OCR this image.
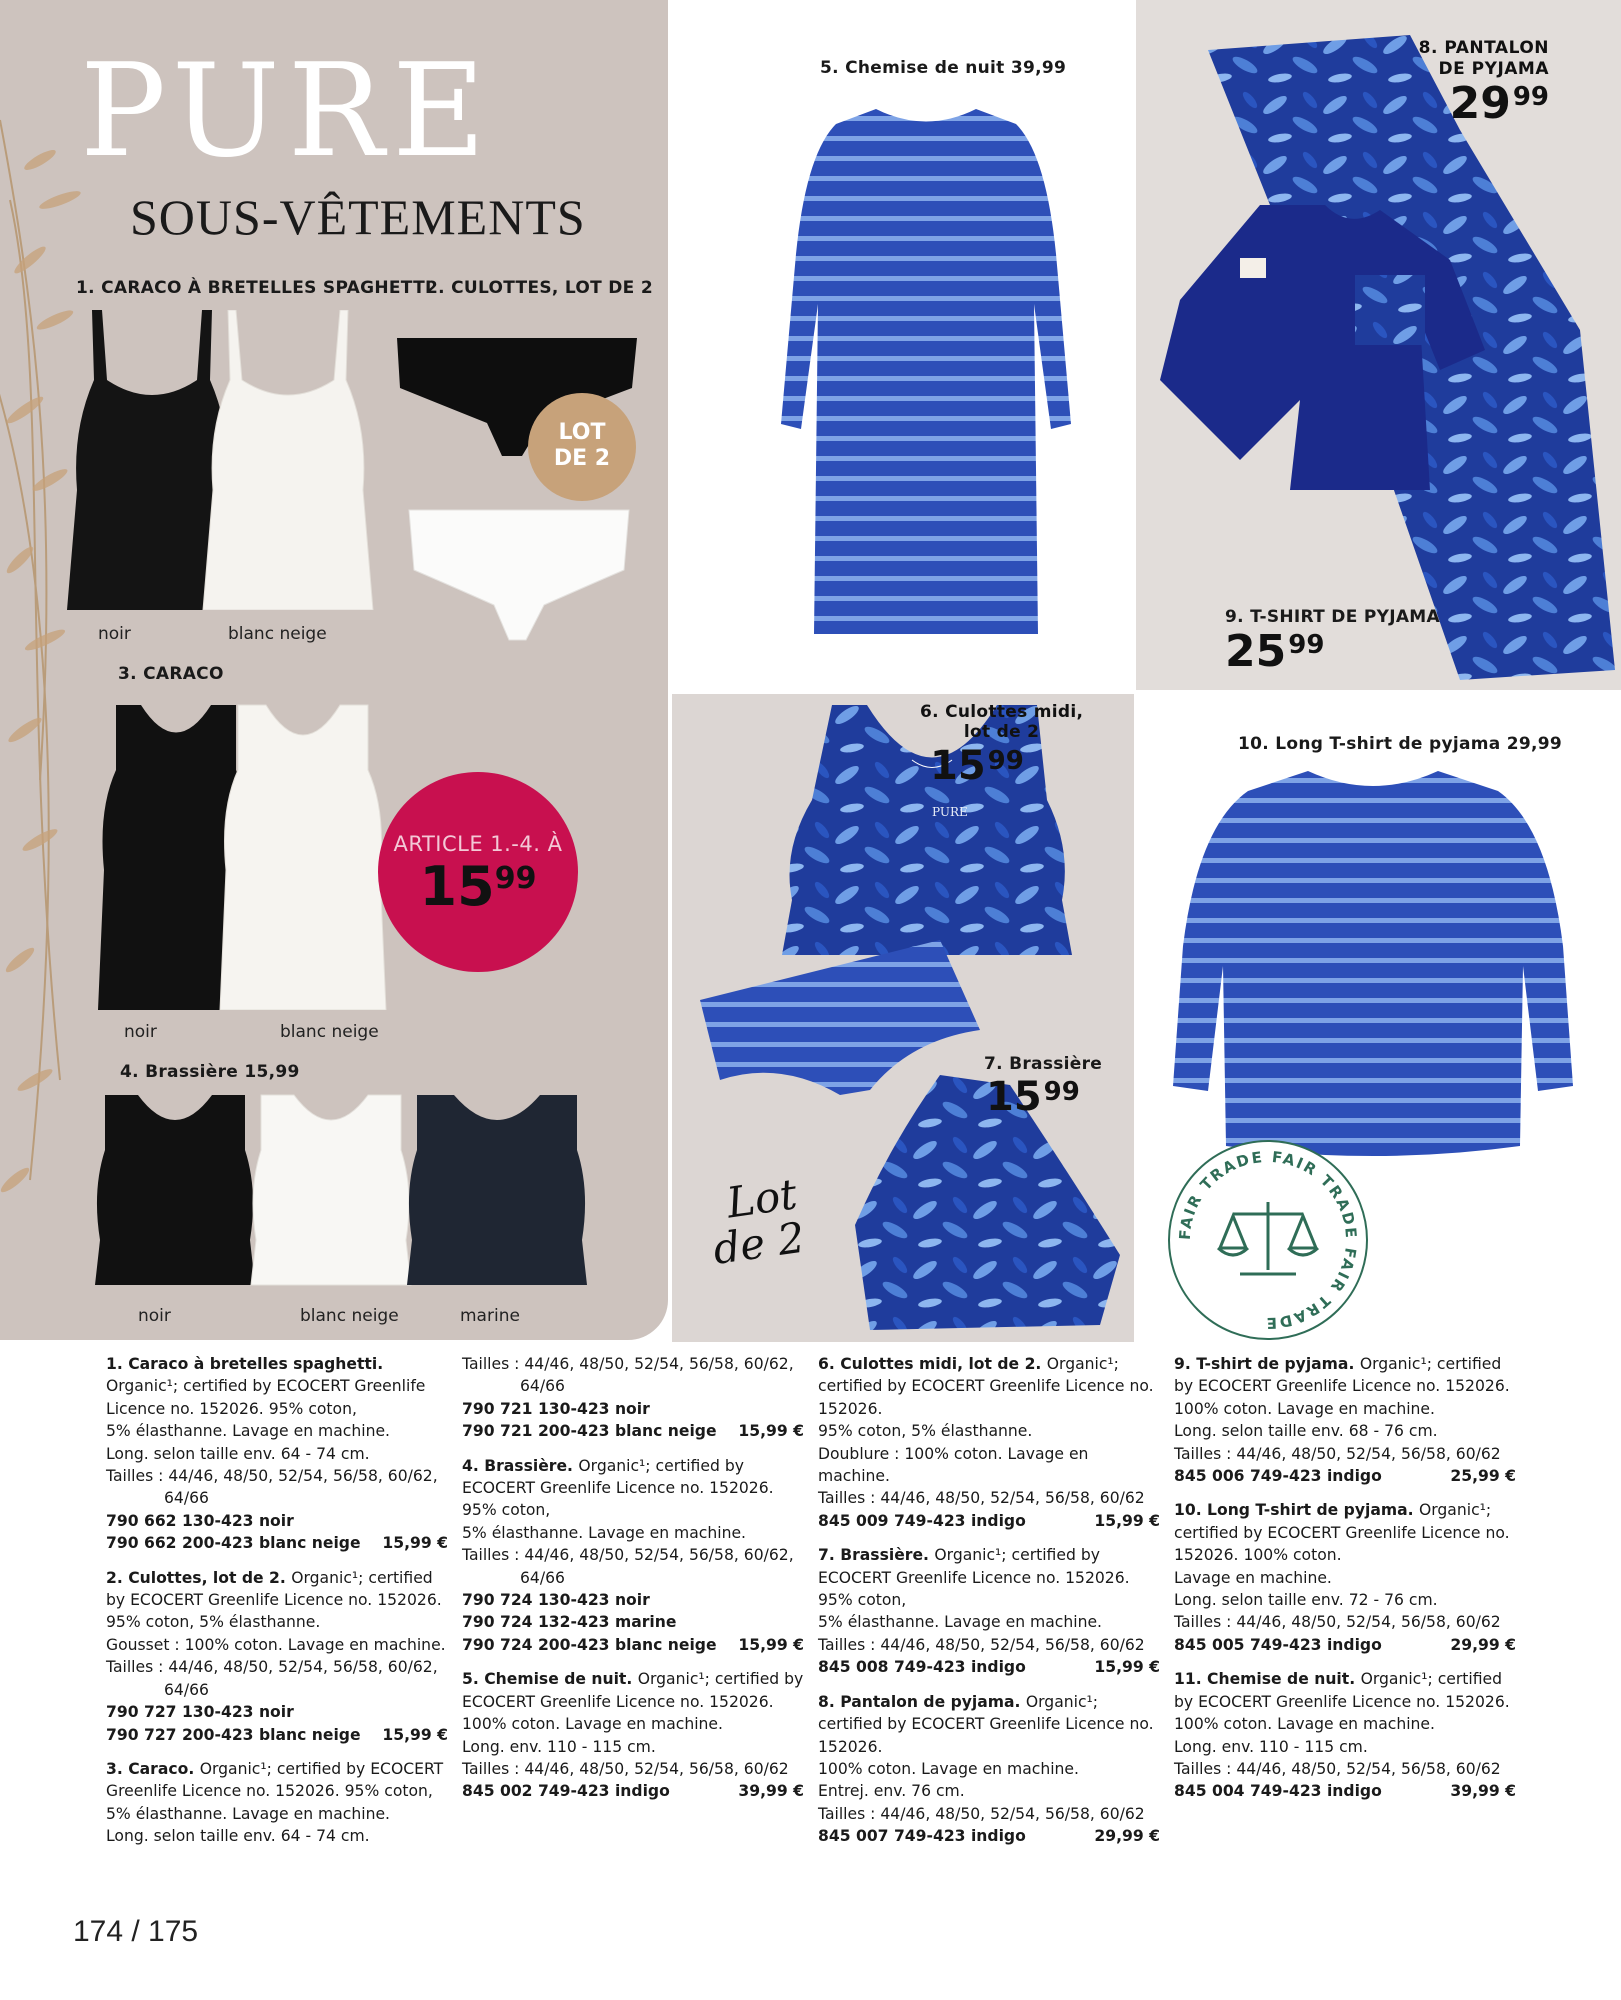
PURE
SOUS-VÊTEMENTS
1. CARACO À BRETELLES SPAGHETTI
2. CULOTTES, LOT DE 2
noir	blanc neige
LOT
DE 2
3. CARACO
noir	blanc neige
ARTICLE 1.-4. À
1599
4. Brassière 15,99
noir	blanc neige	marine
5. Chemise de nuit 39,99
8. PANTALON
DE PYJAMA
2999
9. T-SHIRT DE PYJAMA
2599
PURE
6. Culottes midi,
lot de 2
1599
7. Brassière
1599
Lot
de 2
10. Long T-shirt de pyjama 29,99
FAIR TRADE FAIR TRADE FAIR TRADE

1. Caraco à bretelles spaghetti. Organic¹; certified by ECOCERT Greenlife Licence no. 152026. 95% coton,

5% élasthanne. Lavage en machine.

Long. selon taille env. 64 - 74 cm.

Tailles : 44/46, 48/50, 52/54, 56/58, 60/62,

64/66

790 662 130-423 noir
790 662 200-423 blanc neige 15,99 €

2. Culottes, lot de 2. Organic¹; certified by ECOCERT Greenlife Licence no. 152026.

95% coton, 5% élasthanne.

Gousset : 100% coton. Lavage en machine.

Tailles : 44/46, 48/50, 52/54, 56/58, 60/62,

64/66

790 727 130-423 noir
790 727 200-423 blanc neige 15,99 €

3. Caraco. Organic¹; certified by ECOCERT Greenlife Licence no. 152026. 95% coton,

5% élasthanne. Lavage en machine.

Long. selon taille env. 64 - 74 cm.

Tailles : 44/46, 48/50, 52/54, 56/58, 60/62,

64/66

790 721 130-423 noir
790 721 200-423 blanc neige 15,99 €

4. Brassière. Organic¹; certified by ECOCERT Greenlife Licence no. 152026. 95% coton,

5% élasthanne. Lavage en machine.

Tailles : 44/46, 48/50, 52/54, 56/58, 60/62,

64/66

790 724 130-423 noir
790 724 132-423 marine
790 724 200-423 blanc neige 15,99 €

5. Chemise de nuit. Organic¹; certified by ECOCERT Greenlife Licence no. 152026.

100% coton. Lavage en machine.

Long. env. 110 - 115 cm.

Tailles : 44/46, 48/50, 52/54, 56/58, 60/62

845 002 749-423 indigo	39,99 €

6. Culottes midi, lot de 2. Organic¹; certified by ECOCERT Greenlife Licence no. 152026.

95% coton, 5% élasthanne.

Doublure : 100% coton. Lavage en machine.

Tailles : 44/46, 48/50, 52/54, 56/58, 60/62

845 009 749-423 indigo	15,99 €

7. Brassière. Organic¹; certified by ECOCERT Greenlife Licence no. 152026. 95% coton,

5% élasthanne. Lavage en machine.

Tailles : 44/46, 48/50, 52/54, 56/58, 60/62

845 008 749-423 indigo	15,99 €

8. Pantalon de pyjama. Organic¹; certified by ECOCERT Greenlife Licence no. 152026.

100% coton. Lavage en machine.

Entrej. env. 76 cm.

Tailles : 44/46, 48/50, 52/54, 56/58, 60/62

845 007 749-423 indigo	29,99 €

9. T-shirt de pyjama. Organic¹; certified by ECOCERT Greenlife Licence no. 152026.

100% coton. Lavage en machine.

Long. selon taille env. 68 - 76 cm.

Tailles : 44/46, 48/50, 52/54, 56/58, 60/62

845 006 749-423 indigo	25,99 €

10. Long T-shirt de pyjama. Organic¹; certified by ECOCERT Greenlife Licence no. 152026. 100% coton.

Lavage en machine.

Long. selon taille env. 72 - 76 cm.

Tailles : 44/46, 48/50, 52/54, 56/58, 60/62

845 005 749-423 indigo	29,99 €

11. Chemise de nuit. Organic¹; certified by ECOCERT Greenlife Licence no. 152026.

100% coton. Lavage en machine.

Long. env. 110 - 115 cm.

Tailles : 44/46, 48/50, 52/54, 56/58, 60/62

845 004 749-423 indigo	39,99 €
174 / 175
